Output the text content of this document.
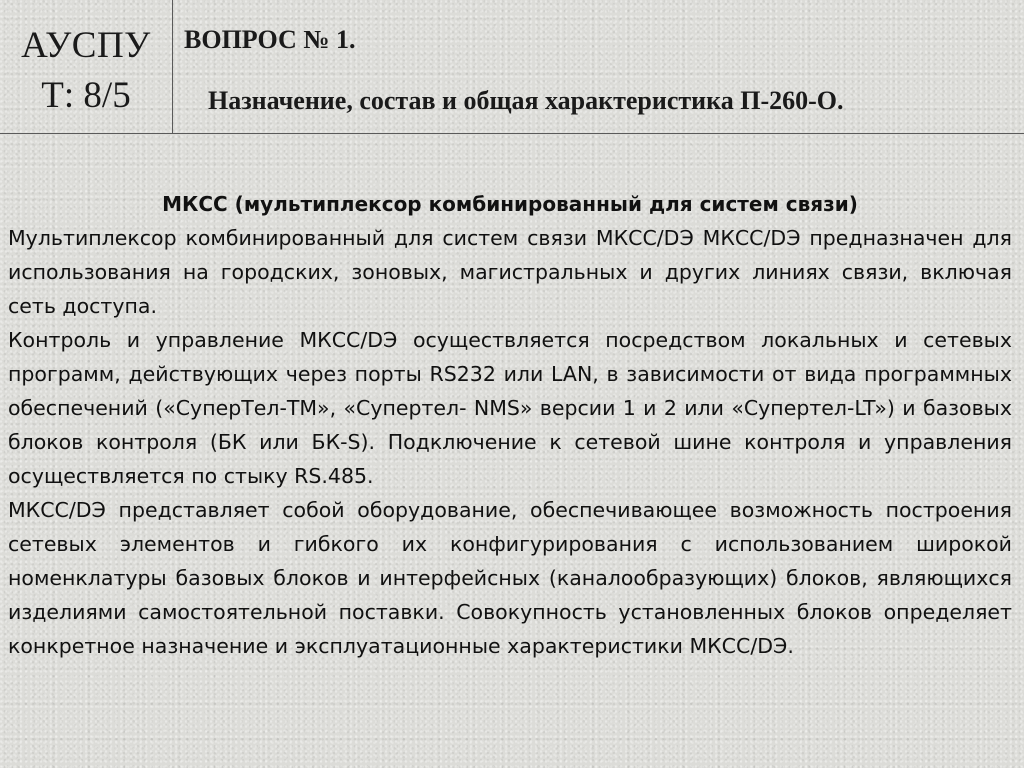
АУСПУ
Т: 8/5
ВОПРОС № 1.
Назначение, состав и общая характеристика П-260-О.

МКСС (мультиплексор комбинированный для систем связи)

Мультиплексор комбинированный для систем связи МКСС/DЭ МКСС/DЭ предназначен для использования на городских, зоновых, магистральных и других линиях связи, включая сеть доступа.

Контроль и управление МКСС/DЭ осуществляется посредством локальных и сетевых программ, действующих через порты RS232 или LAN, в зависимости от вида программных обеспечений («СуперТел-ТМ», «Супертел- NMS» версии 1 и 2 или «Супертел-LT») и базовых блоков контроля (БК или БК-S). Подключение к сетевой шине контроля и управления осуществляется по стыку RS.485.

МКСС/DЭ представляет собой оборудование, обеспечивающее возможность построения сетевых элементов и гибкого их конфигурирования с использованием широкой номенклатуры базовых блоков и интерфейсных (каналообразующих) блоков, являющихся изделиями самостоятельной поставки. Совокупность установленных блоков определяет конкретное назначение и эксплуатационные характеристики МКСС/DЭ.
